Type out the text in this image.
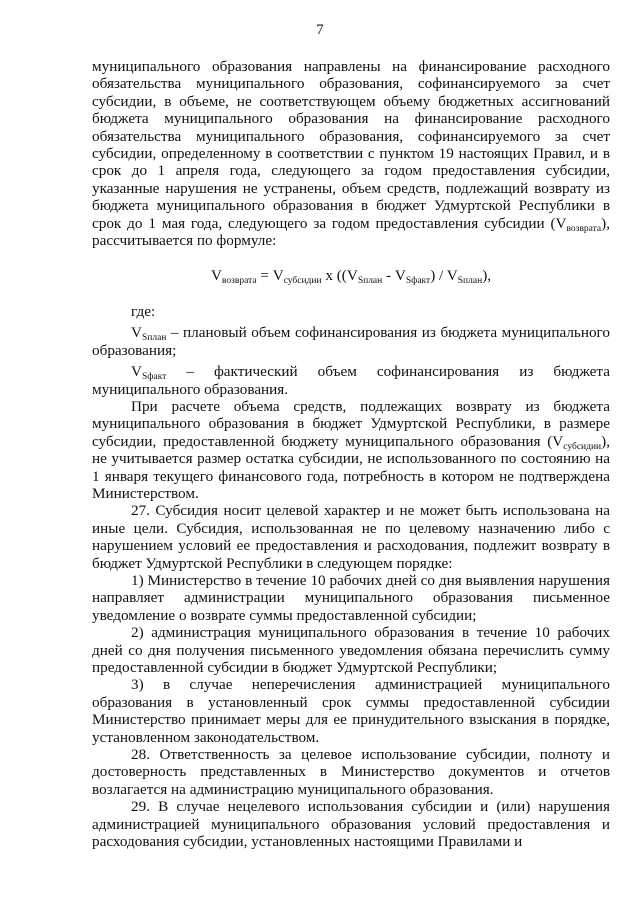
7

муниципального образования направлены на финансирование расходного обязательства муниципального образования, софинансируемого за счет субсидии, в объеме, не соответствующем объему бюджетных ассигнований бюджета муниципального образования на финансирование расходного обязательства муниципального образования, софинансируемого за счет субсидии, определенному в соответствии с пунктом 19 настоящих Правил, и в срок до 1 апреля года, следующего за годом предоставления субсидии, указанные нарушения не устранены, объем средств, подлежащий возврату из бюджета муниципального образования в бюджет Удмуртской Республики в срок до 1 мая года, следующего за годом предоставления субсидии $(V_{возврата})$, рассчитывается по формуле:

$V_{возврата} = V_{субсидии}$ x $((V_{Sплан} - V_{Sфакт}) / V_{Sплан})$,

где:

$V_{Sплан}$ – плановый объем софинансирования из бюджета муниципального образования;

$V_{Sфакт}$ – фактический объем софинансирования из бюджета муниципального образования.

При расчете объема средств, подлежащих возврату из бюджета муниципального образования в бюджет Удмуртской Республики, в размере субсидии, предоставленной бюджету муниципального образования $(V_{субсидии})$, не учитывается размер остатка субсидии, не использованного по состоянию на 1 января текущего финансового года, потребность в котором не подтверждена Министерством.

27. Субсидия носит целевой характер и не может быть использована на иные цели. Субсидия, использованная не по целевому назначению либо с нарушением условий ее предоставления и расходования, подлежит возврату в бюджет Удмуртской Республики в следующем порядке:

1) Министерство в течение 10 рабочих дней со дня выявления нарушения направляет администрации муниципального образования письменное уведомление о возврате суммы предоставленной субсидии;

2) администрация муниципального образования в течение 10 рабочих дней со дня получения письменного уведомления обязана перечислить сумму предоставленной субсидии в бюджет Удмуртской Республики;

3) в случае неперечисления администрацией муниципального образования в установленный срок суммы предоставленной субсидии Министерство принимает меры для ее принудительного взыскания в порядке, установленном законодательством.

28. Ответственность за целевое использование субсидии, полноту и достоверность представленных в Министерство документов и отчетов возлагается на администрацию муниципального образования.

29. В случае нецелевого использования субсидии и (или) нарушения администрацией муниципального образования условий предоставления и расходования субсидии, установленных настоящими Правилами и
